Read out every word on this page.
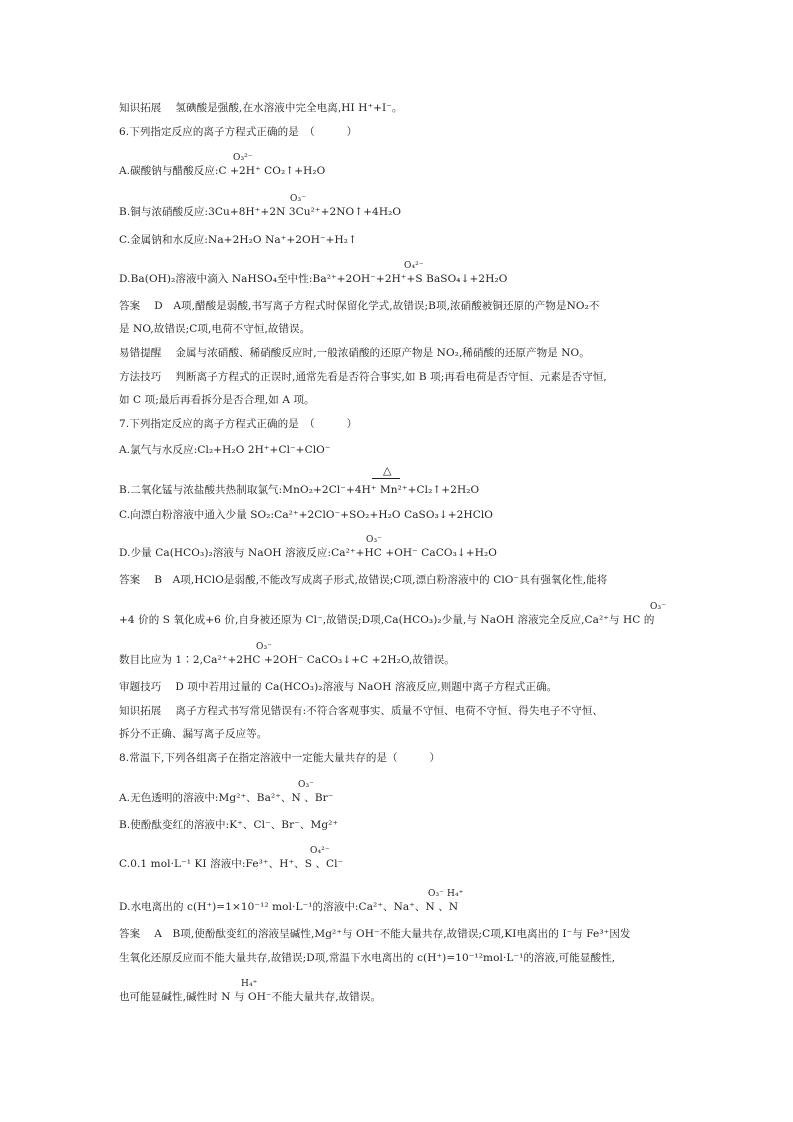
知识拓展 氢碘酸是强酸,在水溶液中完全电离,HI H⁺+I⁻。
6.下列指定反应的离子方程式正确的是　（　　　）
A.碳酸钠与醋酸反应:C +2H⁺ CO₂↑+H₂O
O₃²⁻
B.铜与浓硝酸反应:3Cu+8H⁺+2N 3Cu²⁺+2NO↑+4H₂O
O₃⁻
C.金属钠和水反应:Na+2H₂O Na⁺+2OH⁻+H₂↑
D.Ba(OH)₂溶液中滴入 NaHSO₄至中性:Ba²⁺+2OH⁻+2H⁺+S BaSO₄↓+2H₂O
O₄²⁻
答案 D　A项,醋酸是弱酸,书写离子方程式时保留化学式,故错误;B项,浓硝酸被铜还原的产物是NO₂不
是 NO,故错误;C项,电荷不守恒,故错误。
易错提醒 金属与浓硝酸、稀硝酸反应时,一般浓硝酸的还原产物是 NO₂,稀硝酸的还原产物是 NO。
方法技巧 判断离子方程式的正误时,通常先看是否符合事实,如 B 项;再看电荷是否守恒、元素是否守恒,
如 C 项;最后再看拆分是否合理,如 A 项。
7.下列指定反应的离子方程式正确的是　（　　　）
A.氯气与水反应:Cl₂+H₂O 2H⁺+Cl⁻+ClO⁻
△
B.二氧化锰与浓盐酸共热制取氯气:MnO₂+2Cl⁻+4H⁺ Mn²⁺+Cl₂↑+2H₂O
C.向漂白粉溶液中通入少量 SO₂:Ca²⁺+2ClO⁻+SO₂+H₂O CaSO₃↓+2HClO
D.少量 Ca(HCO₃)₂溶液与 NaOH 溶液反应:Ca²⁺+HC +OH⁻ CaCO₃↓+H₂O
O₃⁻
答案 B　A项,HClO是弱酸,不能改写成离子形式,故错误;C项,漂白粉溶液中的 ClO⁻具有强氧化性,能将
+4 价的 S 氧化成+6 价,自身被还原为 Cl⁻,故错误;D项,Ca(HCO₃)₂少量,与 NaOH 溶液完全反应,Ca²⁺与 HC 的
O₃⁻
数目比应为 1∶2,Ca²⁺+2HC +2OH⁻ CaCO₃↓+C +2H₂O,故错误。
O₃⁻
审题技巧 D 项中若用过量的 Ca(HCO₃)₂溶液与 NaOH 溶液反应,则题中离子方程式正确。
知识拓展 离子方程式书写常见错误有:不符合客观事实、质量不守恒、电荷不守恒、得失电子不守恒、
拆分不正确、漏写离子反应等。
8.常温下,下列各组离子在指定溶液中一定能大量共存的是（　　　）
A.无色透明的溶液中:Mg²⁺、Ba²⁺、N 、Br⁻
O₃⁻
B.使酚酞变红的溶液中:K⁺、Cl⁻、Br⁻、Mg²⁺
C.0.1 mol·L⁻¹ KI 溶液中:Fe³⁺、H⁺、S 、Cl⁻
O₄²⁻
D.水电离出的 c(H⁺)=1×10⁻¹² mol·L⁻¹的溶液中:Ca²⁺、Na⁺、N 、N
O₃⁻ H₄⁺
答案 A　B项,使酚酞变红的溶液呈碱性,Mg²⁺与 OH⁻不能大量共存,故错误;C项,KI电离出的 I⁻与 Fe³⁺因发
生氧化还原反应而不能大量共存,故错误;D项,常温下水电离出的 c(H⁺)=10⁻¹²mol·L⁻¹的溶液,可能显酸性,
也可能显碱性,碱性时 N 与 OH⁻不能大量共存,故错误。
H₄⁺
